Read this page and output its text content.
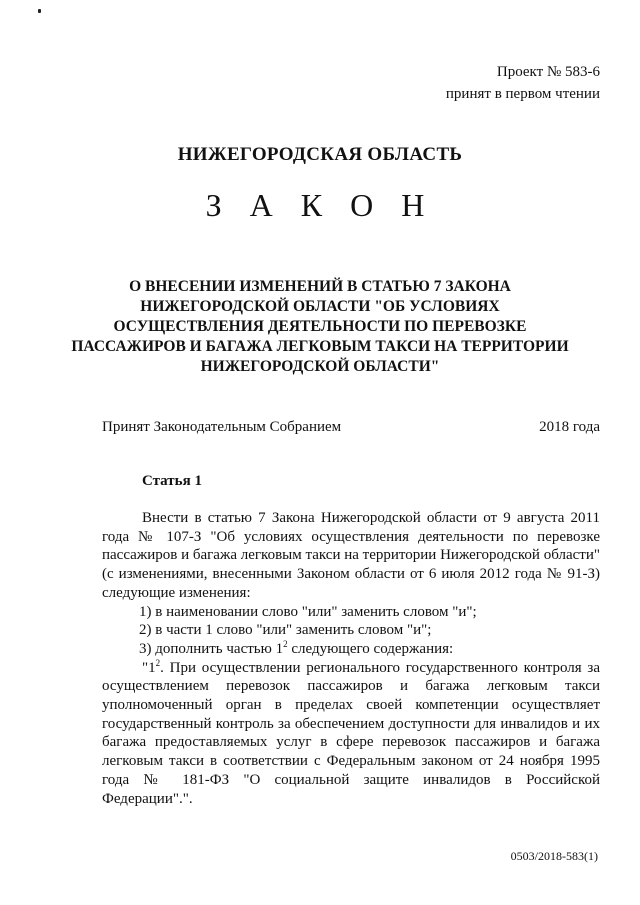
Проект № 583-6
принят в первом чтении
НИЖЕГОРОДСКАЯ ОБЛАСТЬ
З А К О Н
О ВНЕСЕНИИ ИЗМЕНЕНИЙ В СТАТЬЮ 7 ЗАКОНА
НИЖЕГОРОДСКОЙ ОБЛАСТИ "ОБ УСЛОВИЯХ
ОСУЩЕСТВЛЕНИЯ ДЕЯТЕЛЬНОСТИ ПО ПЕРЕВОЗКЕ
ПАССАЖИРОВ И БАГАЖА ЛЕГКОВЫМ ТАКСИ НА ТЕРРИТОРИИ
НИЖЕГОРОДСКОЙ ОБЛАСТИ"
Принят Законодательным Собранием	2018 года
Статья 1

Внести в статью 7 Закона Нижегородской области от 9 августа 2011 года № 107-З "Об условиях осуществления деятельности по перевозке пассажиров и багажа легковым такси на территории Нижегородской области" (с изменениями, внесенными Законом области от 6 июля 2012 года № 91-З) следующие изменения:

1) в наименовании слово "или" заменить словом "и";

2) в части 1 слово "или" заменить словом "и";

3) дополнить частью $1^2$ следующего содержания:

"$1^2$. При осуществлении регионального государственного контроля за осуществлением перевозок пассажиров и багажа легковым такси уполномоченный орган в пределах своей компетенции осуществляет государственный контроль за обеспечением доступности для инвалидов и их багажа предоставляемых услуг в сфере перевозок пассажиров и багажа легковым такси в соответствии с Федеральным законом от 24 ноября 1995 года № 181-ФЗ "О социальной защите инвалидов в Российской Федерации".".

0503/2018-583(1)
